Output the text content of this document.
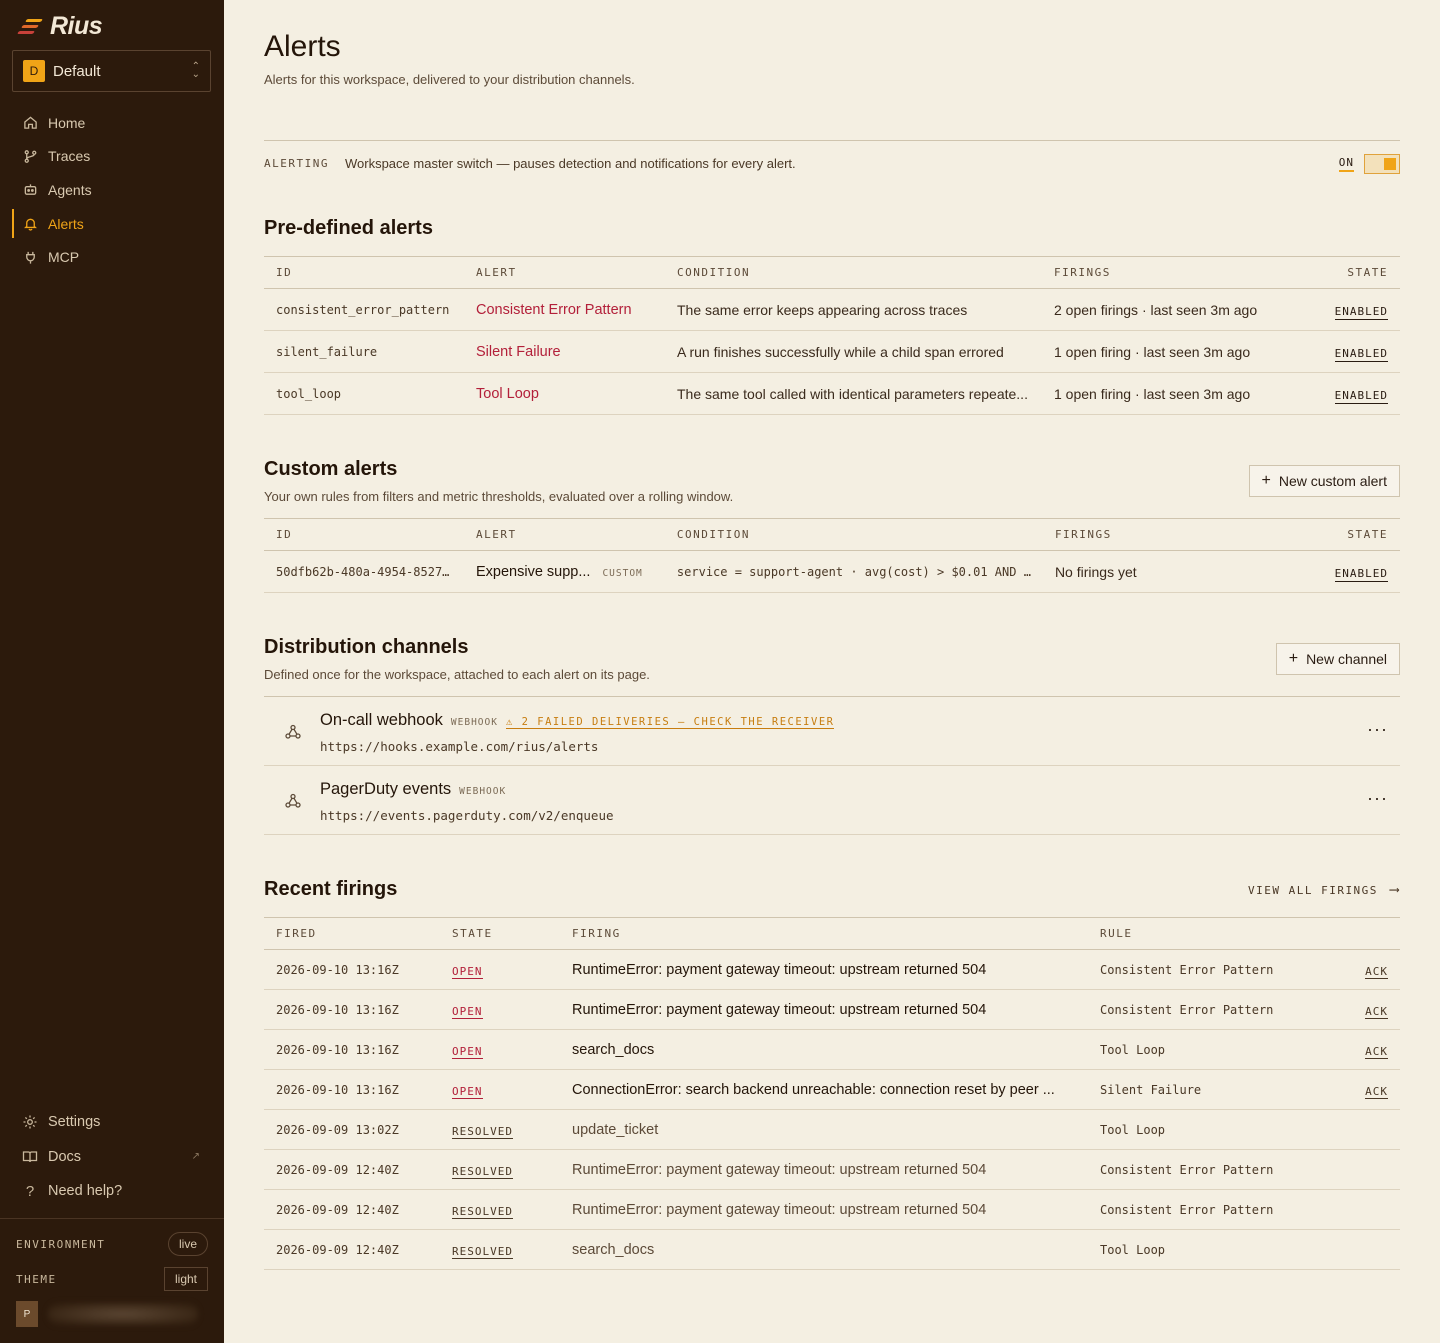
Rius
D Default	⌃
⌄
Home
Traces
Agents
Alerts
MCP
Settings
Docs	↗
? Need help?
ENVIRONMENT	live
THEME	light
P
Alerts
Alerts for this workspace, delivered to your distribution channels.
ALERTING Workspace master switch — pauses detection and notifications for every alert.	ON
Pre-defined alerts
ID	ALERT	CONDITION	FIRINGS	STATE
consistent_error_pattern	Consistent Error Pattern	The same error keeps appearing across traces	2 open firings · last seen 3m ago	ENABLED
silent_failure	Silent Failure	A run finishes successfully while a child span errored	1 open firing · last seen 3m ago	ENABLED
tool_loop	Tool Loop	The same tool called with identical parameters repeate...	1 open firing · last seen 3m ago	ENABLED
Custom alerts
Your own rules from filters and metric thresholds, evaluated over a rolling window.
+ New custom alert
ID	ALERT	CONDITION	FIRINGS	STATE
50dfb62b-480a-4954-8527…	Expensive supp... CUSTOM	service = support-agent · avg(cost) > $0.01 AND …	No firings yet	ENABLED
Distribution channels
Defined once for the workspace, attached to each alert on its page.
+ New channel
On-call webhook WEBHOOK ⚠ 2 FAILED DELIVERIES — CHECK THE RECEIVER
https://hooks.example.com/rius/alerts
···
PagerDuty events WEBHOOK
https://events.pagerduty.com/v2/enqueue
···
Recent firings	VIEW ALL FIRINGS ⟶
FIRED	STATE	FIRING	RULE	
2026-09-10 13:16Z	OPEN	RuntimeError: payment gateway timeout: upstream returned 504	Consistent Error Pattern	ACK
2026-09-10 13:16Z	OPEN	RuntimeError: payment gateway timeout: upstream returned 504	Consistent Error Pattern	ACK
2026-09-10 13:16Z	OPEN	search_docs	Tool Loop	ACK
2026-09-10 13:16Z	OPEN	ConnectionError: search backend unreachable: connection reset by peer ...	Silent Failure	ACK
2026-09-09 13:02Z	RESOLVED	update_ticket	Tool Loop	
2026-09-09 12:40Z	RESOLVED	RuntimeError: payment gateway timeout: upstream returned 504	Consistent Error Pattern	
2026-09-09 12:40Z	RESOLVED	RuntimeError: payment gateway timeout: upstream returned 504	Consistent Error Pattern	
2026-09-09 12:40Z	RESOLVED	search_docs	Tool Loop	
